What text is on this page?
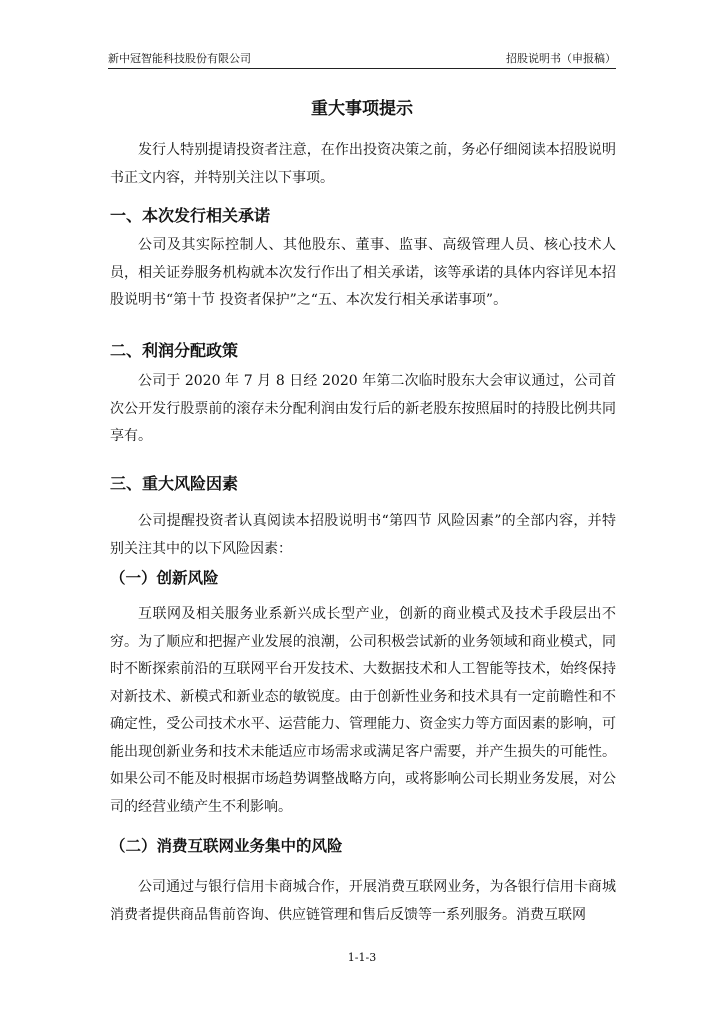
新中冠智能科技股份有限公司	招股说明书（申报稿）
重大事项提示

发行人特别提请投资者注意，在作出投资决策之前，务必仔细阅读本招股说明书正文内容，并特别关注以下事项。

一、本次发行相关承诺

公司及其实际控制人、其他股东、董事、监事、高级管理人员、核心技术人员，相关证券服务机构就本次发行作出了相关承诺，该等承诺的具体内容详见本招股说明书“第十节 投资者保护”之“五、本次发行相关承诺事项”。

二、利润分配政策

公司于 2020 年 7 月 8 日经 2020 年第二次临时股东大会审议通过，公司首次公开发行股票前的滚存未分配利润由发行后的新老股东按照届时的持股比例共同享有。

三、重大风险因素

公司提醒投资者认真阅读本招股说明书“第四节 风险因素”的全部内容，并特别关注其中的以下风险因素：

（一）创新风险

互联网及相关服务业系新兴成长型产业，创新的商业模式及技术手段层出不穷。为了顺应和把握产业发展的浪潮，公司积极尝试新的业务领域和商业模式，同时不断探索前沿的互联网平台开发技术、大数据技术和人工智能等技术，始终保持对新技术、新模式和新业态的敏锐度。由于创新性业务和技术具有一定前瞻性和不确定性，受公司技术水平、运营能力、管理能力、资金实力等方面因素的影响，可能出现创新业务和技术未能适应市场需求或满足客户需要，并产生损失的可能性。如果公司不能及时根据市场趋势调整战略方向，或将影响公司长期业务发展，对公司的经营业绩产生不利影响。

（二）消费互联网业务集中的风险

公司通过与银行信用卡商城合作，开展消费互联网业务，为各银行信用卡商城消费者提供商品售前咨询、供应链管理和售后反馈等一系列服务。消费互联网

1-1-3
